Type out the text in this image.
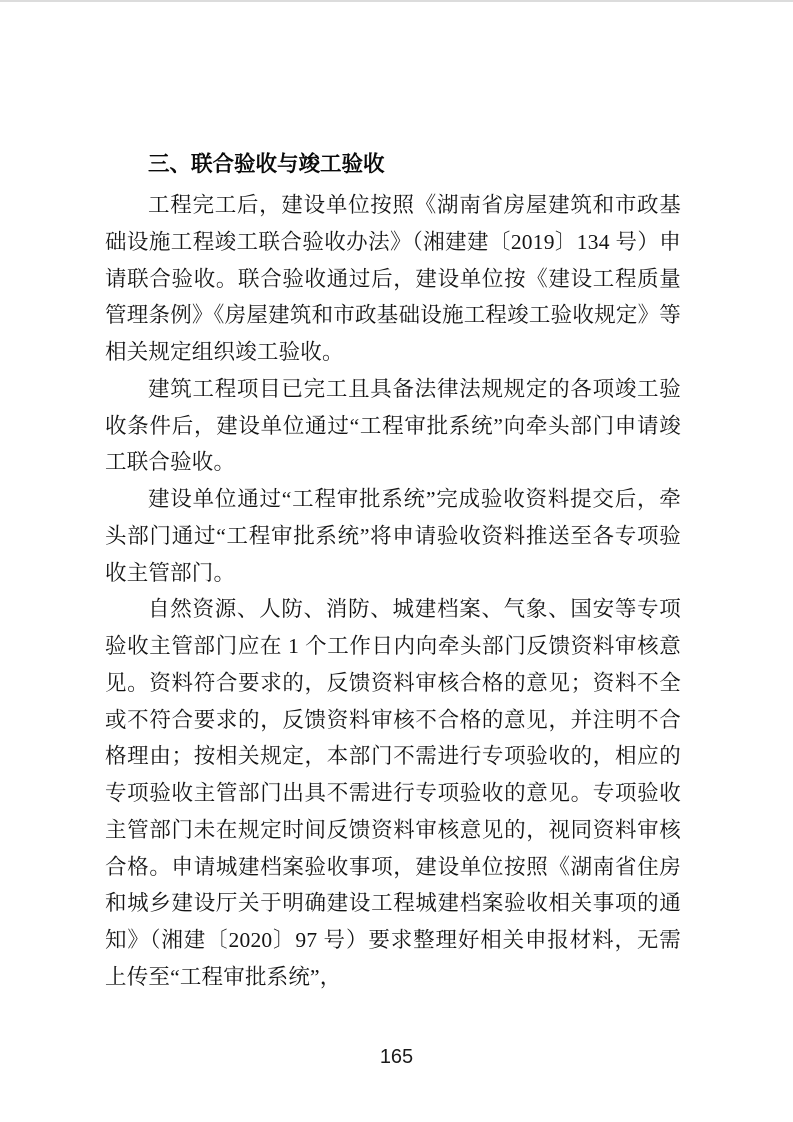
三、联合验收与竣工验收

工程完工后，建设单位按照《湖南省房屋建筑和市政基础设施工程竣工联合验收办法》（湘建建〔2019〕134 号）申请联合验收。联合验收通过后，建设单位按《建设工程质量管理条例》《房屋建筑和市政基础设施工程竣工验收规定》等相关规定组织竣工验收。

建筑工程项目已完工且具备法律法规规定的各项竣工验收条件后，建设单位通过“工程审批系统”向牵头部门申请竣工联合验收。

建设单位通过“工程审批系统”完成验收资料提交后，牵头部门通过“工程审批系统”将申请验收资料推送至各专项验收主管部门。

自然资源、人防、消防、城建档案、气象、国安等专项验收主管部门应在 1 个工作日内向牵头部门反馈资料审核意见。资料符合要求的，反馈资料审核合格的意见；资料不全或不符合要求的，反馈资料审核不合格的意见，并注明不合格理由；按相关规定，本部门不需进行专项验收的，相应的专项验收主管部门出具不需进行专项验收的意见。专项验收主管部门未在规定时间反馈资料审核意见的，视同资料审核合格。申请城建档案验收事项，建设单位按照《湖南省住房和城乡建设厅关于明确建设工程城建档案验收相关事项的通知》（湘建〔2020〕97 号）要求整理好相关申报材料，无需上传至“工程审批系统”，

165
